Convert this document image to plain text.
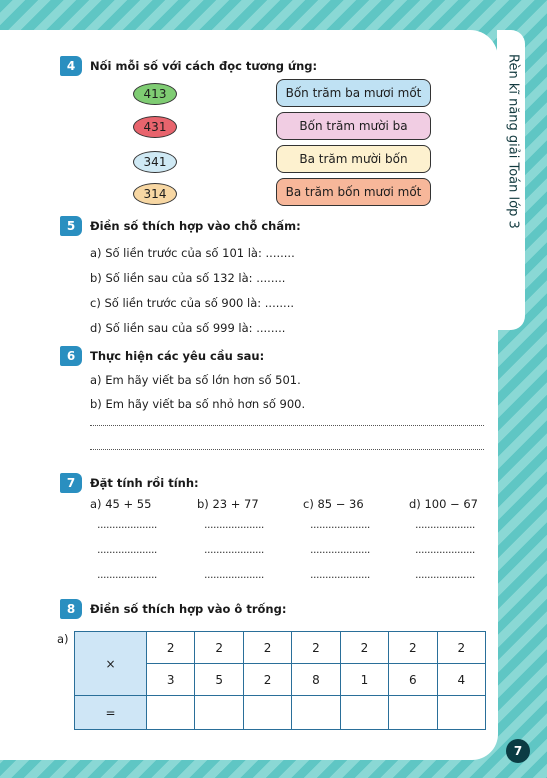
Rèn kĩ năng giải Toán lớp 3
7
4	Nối mỗi số với cách đọc tương ứng:
413
431
341
314
Bốn trăm ba mươi mốt
Bốn trăm mười ba
Ba trăm mười bốn
Ba trăm bốn mươi mốt
5	Điền số thích hợp vào chỗ chấm:
a) Số liền trước của số 101 là: ........
b) Số liền sau của số 132 là: ........
c) Số liền trước của số 900 là: ........
d) Số liền sau của số 999 là: ........
6	Thực hiện các yêu cầu sau:
a) Em hãy viết ba số lớn hơn số 501.
b) Em hãy viết ba số nhỏ hơn số 900.
7	Đặt tính rồi tính:
a) 45 + 55	b) 23 + 77	c) 85 − 36	d) 100 − 67
....................	....................	....................	....................
....................	....................	....................	....................
....................	....................	....................	....................
8	Điền số thích hợp vào ô trống:
a)
×	2	2	2	2	2	2	2
	3	5	2	8	1	6	4
=							
